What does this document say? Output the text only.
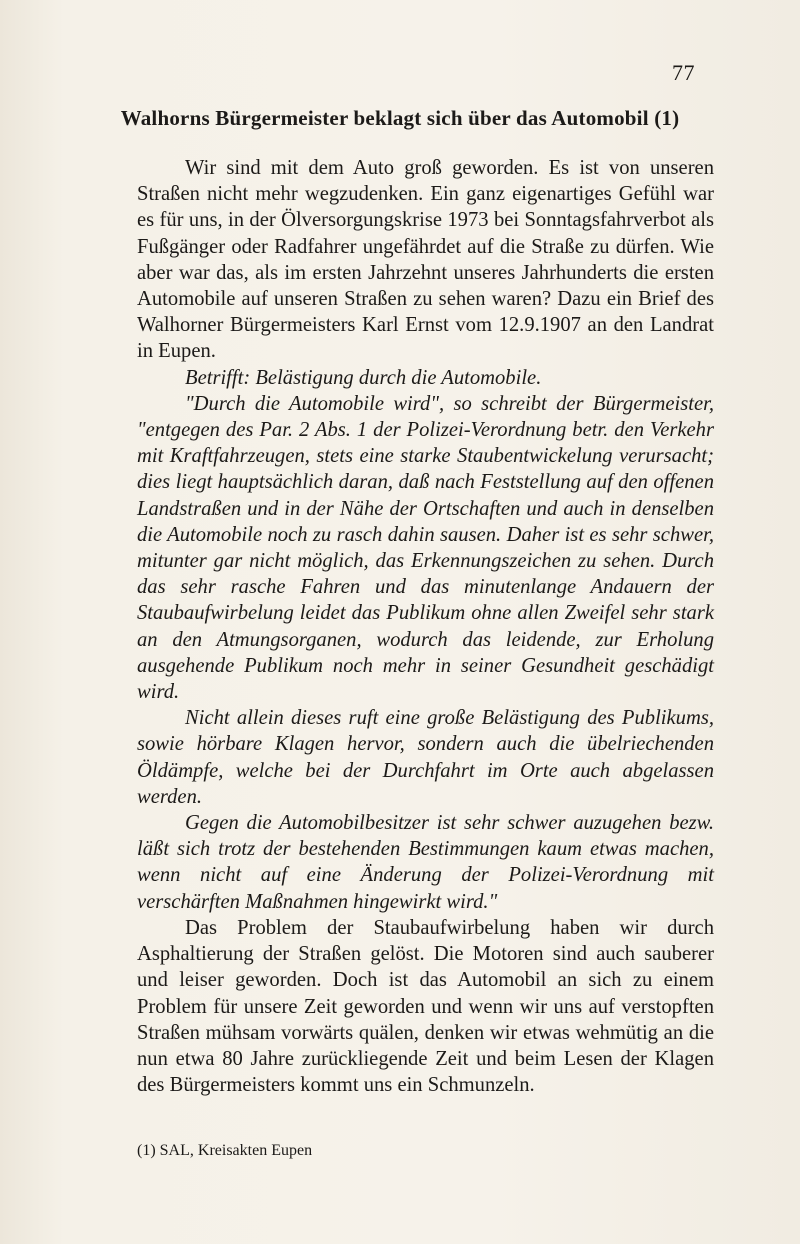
77
Walhorns Bürgermeister beklagt sich über das Automobil (1)

Wir sind mit dem Auto groß geworden. Es ist von unseren Straßen nicht mehr wegzudenken. Ein ganz eigenartiges Gefühl war es für uns, in der Ölversorgungskrise 1973 bei Sonntagsfahrverbot als Fußgänger oder Radfahrer ungefährdet auf die Straße zu dürfen. Wie aber war das, als im ersten Jahrzehnt unseres Jahrhunderts die ersten Automobile auf unseren Straßen zu sehen waren? Dazu ein Brief des Walhorner Bürgermeisters Karl Ernst vom 12.9.1907 an den Landrat in Eupen.

Betrifft: Belästigung durch die Automobile.

"Durch die Automobile wird", so schreibt der Bürgermeister, "entgegen des Par. 2 Abs. 1 der Polizei-Verordnung betr. den Verkehr mit Kraftfahrzeugen, stets eine starke Staubentwickelung verursacht; dies liegt hauptsächlich daran, daß nach Feststellung auf den offenen Landstraßen und in der Nähe der Ortschaften und auch in denselben die Automobile noch zu rasch dahin sausen. Daher ist es sehr schwer, mitunter gar nicht möglich, das Erkennungszeichen zu sehen. Durch das sehr rasche Fahren und das minutenlange Andauern der Staubaufwirbelung leidet das Publikum ohne allen Zweifel sehr stark an den Atmungsorganen, wodurch das leidende, zur Erholung ausgehende Publikum noch mehr in seiner Gesundheit geschädigt wird.

Nicht allein dieses ruft eine große Belästigung des Publikums, sowie hörbare Klagen hervor, sondern auch die übelriechenden Öldämpfe, welche bei der Durchfahrt im Orte auch abgelassen werden.

Gegen die Automobilbesitzer ist sehr schwer auzugehen bezw. läßt sich trotz der bestehenden Bestimmungen kaum etwas machen, wenn nicht auf eine Änderung der Polizei-Verordnung mit verschärften Maßnahmen hingewirkt wird."

Das Problem der Staubaufwirbelung haben wir durch Asphaltierung der Straßen gelöst. Die Motoren sind auch sauberer und leiser geworden. Doch ist das Automobil an sich zu einem Problem für unsere Zeit geworden und wenn wir uns auf verstopften Straßen mühsam vorwärts quälen, denken wir etwas wehmütig an die nun etwa 80 Jahre zurückliegende Zeit und beim Lesen der Klagen des Bürgermeisters kommt uns ein Schmunzeln.

(1) SAL, Kreisakten Eupen
